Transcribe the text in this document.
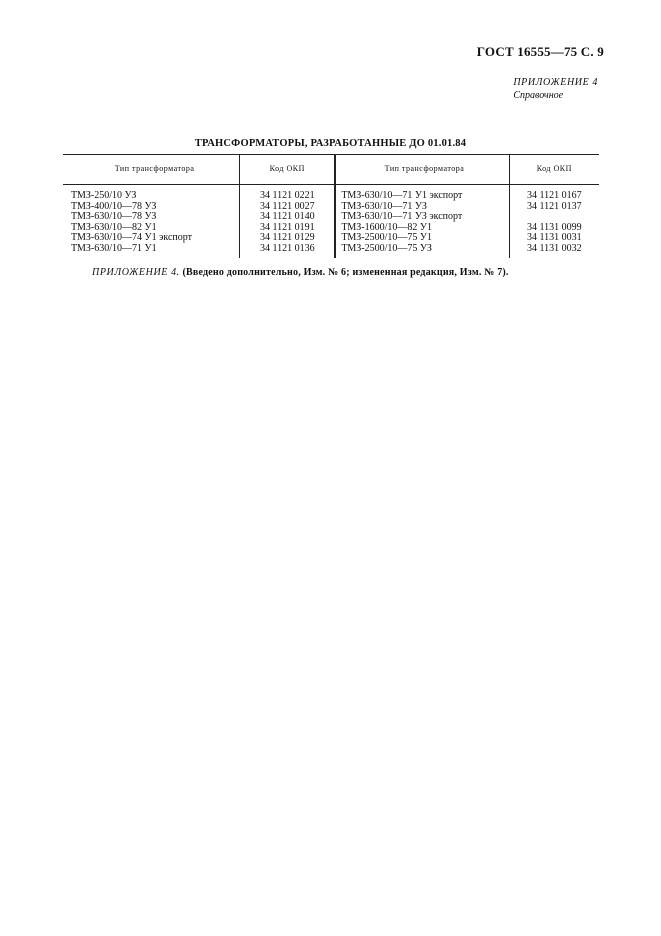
ГОСТ 16555—75 С. 9
ПРИЛОЖЕНИЕ 4
Справочное
ТРАНСФОРМАТОРЫ, РАЗРАБОТАННЫЕ ДО 01.01.84
Тип трансформатора	Код ОКП	Тип трансформатора	Код ОКП
ТМЗ-250/10 УЗ	34 1121 0221	ТМЗ-630/10—71 У1 экспорт	34 1121 0167
ТМЗ-400/10—78 УЗ	34 1121 0027	ТМЗ-630/10—71 УЗ	34 1121 0137
ТМЗ-630/10—78 УЗ	34 1121 0140	ТМЗ-630/10—71 УЗ экспорт	
ТМЗ-630/10—82 У1	34 1121 0191	ТМЗ-1600/10—82 У1	34 1131 0099
ТМЗ-630/10—74 У1 экспорт	34 1121 0129	ТМЗ-2500/10—75 У1	34 1131 0031
ТМЗ-630/10—71 У1	34 1121 0136	ТМЗ-2500/10—75 УЗ	34 1131 0032
ПРИЛОЖЕНИЕ 4. (Введено дополнительно, Изм. № 6; измененная редакция, Изм. № 7).
